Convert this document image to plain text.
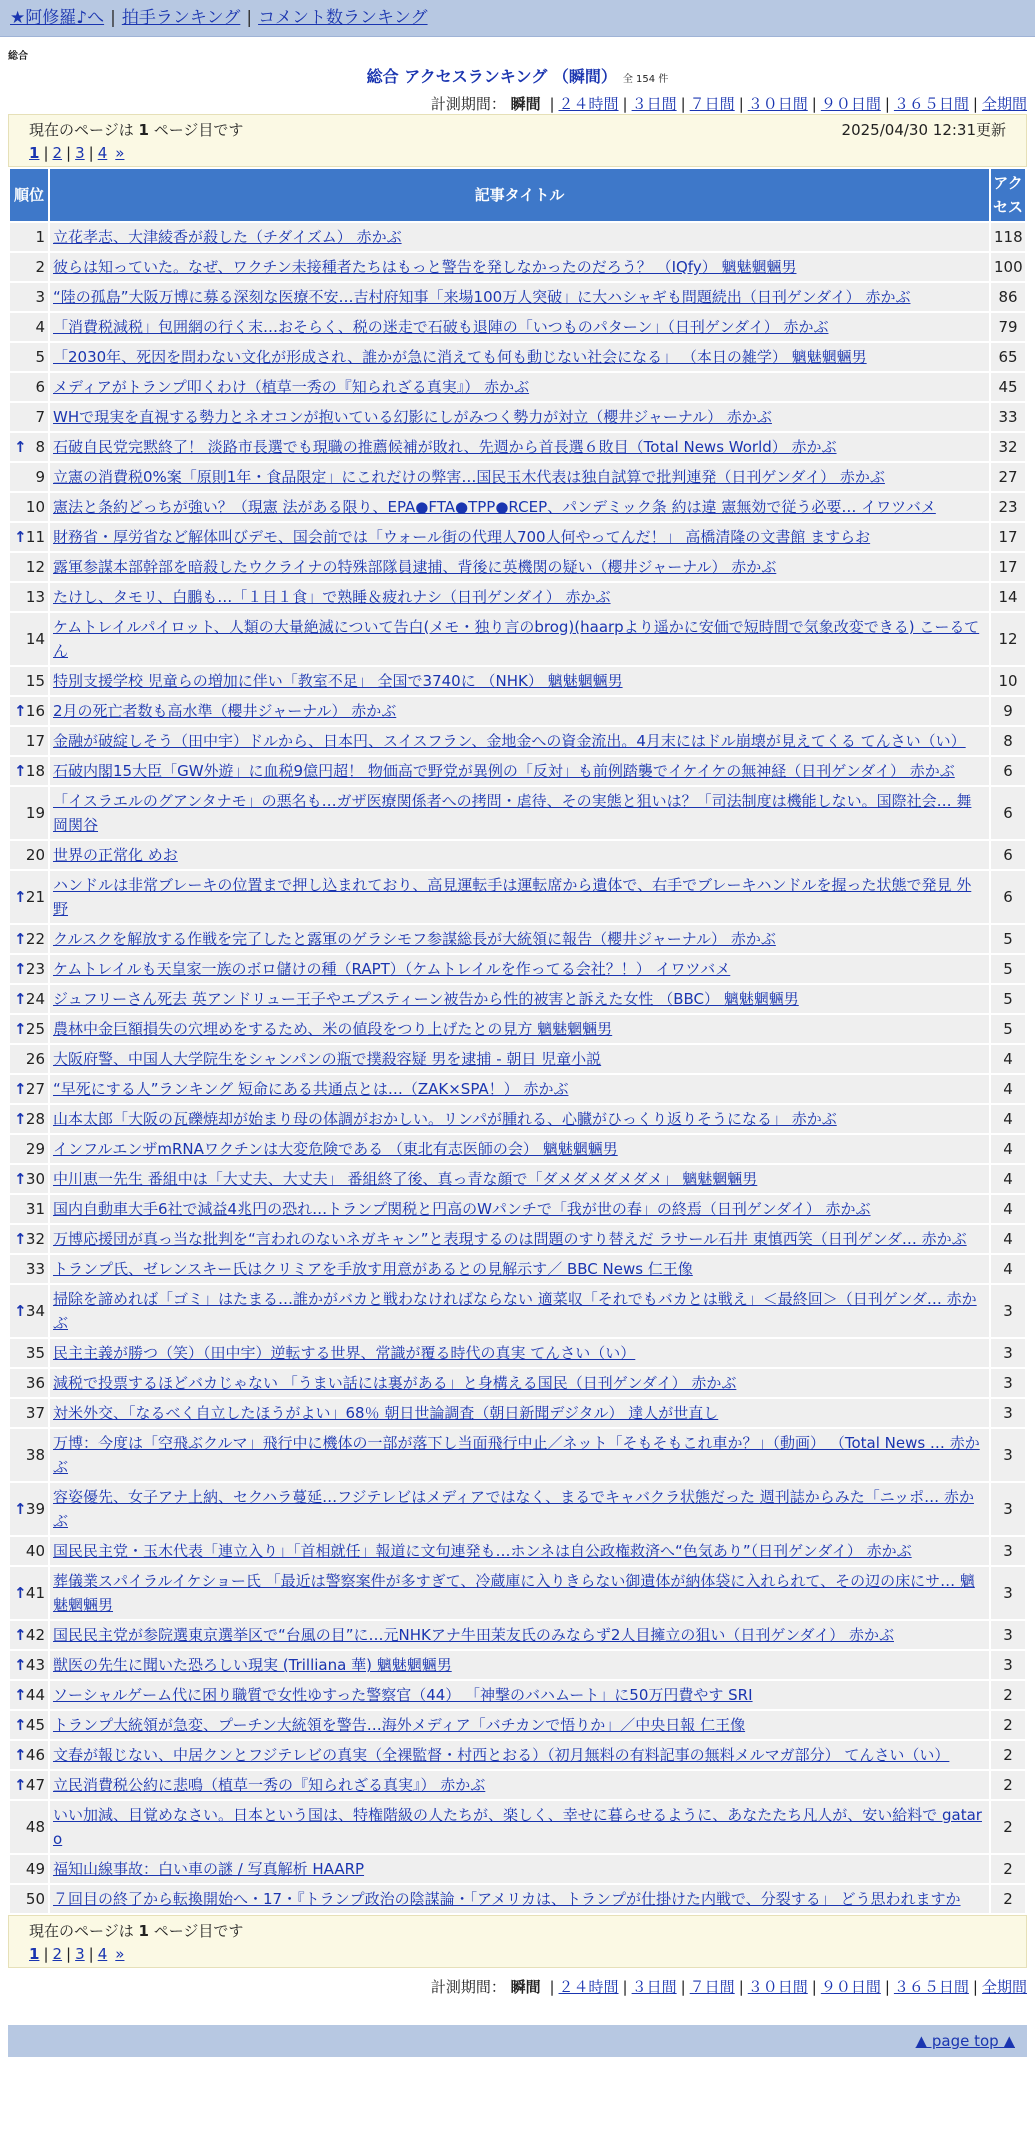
★阿修羅♪へ | 拍手ランキング | コメント数ランキング
総合
総合 アクセスランキング （瞬間） 全 154 件
計測期間： 瞬間 | ２４時間 | ３日間 | ７日間 | ３０日間 | ９０日間 | ３６５日間 | 全期間
現在のページは 1 ページ目です	2025/04/30 12:31更新
1 | 2 | 3 | 4 »
順位	記事タイトル	アクセス
1	立花孝志、大津綾香が殺した（チダイズム） 赤かぶ	118
2	彼らは知っていた。なぜ、ワクチン未接種者たちはもっと警告を発しなかったのだろう？ （IQfy） 魑魅魍魎男	100
3	“陸の孤島”大阪万博に募る深刻な医療不安…吉村府知事「来場100万人突破」に大ハシャギも問題続出（日刊ゲンダイ） 赤かぶ	86
4	「消費税減税」包囲網の行く末…おそらく、税の迷走で石破も退陣の「いつものパターン」（日刊ゲンダイ） 赤かぶ	79
5	「2030年、死因を問わない文化が形成され、誰かが急に消えても何も動じない社会になる」 （本日の雑学） 魑魅魍魎男	65
6	メディアがトランプ叩くわけ（植草一秀の『知られざる真実』） 赤かぶ	45
7	WHで現実を直視する勢力とネオコンが抱いている幻影にしがみつく勢力が対立（櫻井ジャーナル） 赤かぶ	33

↑ 8	石破自民党完黙終了！ 淡路市長選でも現職の推薦候補が敗れ、先週から首長選６敗目（Total News World） 赤かぶ	32
9	立憲の消費税0%案「原則1年・食品限定」にこれだけの弊害…国民玉木代表は独自試算で批判連発（日刊ゲンダイ） 赤かぶ	27
10	憲法と条約どっちが強い？（現憲 法がある限り、EPA●FTA●TPP●RCEP、パンデミック条 約は違 憲無効で従う必要… イワツバメ	23

↑ 11	財務省・厚労省など解体叫びデモ、国会前では「ウォール街の代理人700人何やってんだ！」 高橋清隆の文書館 ますらお	17
12	露軍参謀本部幹部を暗殺したウクライナの特殊部隊員逮捕、背後に英機関の疑い（櫻井ジャーナル） 赤かぶ	17
13	たけし、タモリ、白鵬も…「１日１食」で熟睡＆疲れナシ（日刊ゲンダイ） 赤かぶ	14
14	ケムトレイルパイロット、人類の大量絶滅について告白(メモ・独り言のbrog)(haarpより遥かに安価で短時間で気象改変できる) こーるてん	12
15	特別支援学校 児童らの増加に伴い「教室不足」 全国で3740に （NHK） 魑魅魍魎男	10

↑ 16	2月の死亡者数も高水準（櫻井ジャーナル） 赤かぶ	9
17	金融が破綻しそう（田中宇）ドルから、日本円、スイスフラン、金地金への資金流出。4月末にはドル崩壊が見えてくる てんさい（い）	8

↑ 18	石破内閣15大臣「GW外遊」に血税9億円超！ 物価高で野党が異例の「反対」も前例踏襲でイケイケの無神経（日刊ゲンダイ） 赤かぶ	6
19	「イスラエルのグアンタナモ」の悪名も…ガザ医療関係者への拷問・虐待、その実態と狙いは？「司法制度は機能しない。国際社会… 舞岡関谷	6
20	世界の正常化 めお	6

↑ 21	ハンドルは非常ブレーキの位置まで押し込まれており、高見運転手は運転席から遺体で、右手でブレーキハンドルを握った状態で発見 外野	6

↑ 22	クルスクを解放する作戦を完了したと露軍のゲラシモフ参謀総長が大統領に報告（櫻井ジャーナル） 赤かぶ	5

↑ 23	ケムトレイルも天皇家一族のボロ儲けの種（RAPT）（ケムトレイルを作ってる会社？！） イワツバメ	5

↑ 24	ジュフリーさん死去 英アンドリュー王子やエプスティーン被告から性的被害と訴えた女性 （BBC） 魑魅魍魎男	5

↑ 25	農林中金巨額損失の穴埋めをするため、米の値段をつり上げたとの見方 魑魅魍魎男	5
26	大阪府警、中国人大学院生をシャンパンの瓶で撲殺容疑 男を逮捕 - 朝日 児童小説	4

↑ 27	“早死にする人”ランキング 短命にある共通点とは…（ZAK×SPA！） 赤かぶ	4

↑ 28	山本太郎「大阪の瓦礫焼却が始まり母の体調がおかしい。リンパが腫れる、心臓がひっくり返りそうになる」 赤かぶ	4
29	インフルエンザmRNAワクチンは大変危険である （東北有志医師の会） 魑魅魍魎男	4

↑ 30	中川恵一先生 番組中は「大丈夫、大丈夫」 番組終了後、真っ青な顔で「ダメダメダメダメ」 魑魅魍魎男	4
31	国内自動車大手6社で減益4兆円の恐れ…トランプ関税と円高のWパンチで「我が世の春」の終焉（日刊ゲンダイ） 赤かぶ	4

↑ 32	万博応援団が真っ当な批判を“言われのないネガキャン”と表現するのは問題のすり替えだ ラサール石井 東慎西笑（日刊ゲンダ… 赤かぶ	4
33	トランプ氏、ゼレンスキー氏はクリミアを手放す用意があるとの見解示す／ BBC News 仁王像	4

↑ 34	掃除を諦めれば「ゴミ」はたまる…誰かがバカと戦わなければならない 適菜収「それでもバカとは戦え」＜最終回＞（日刊ゲンダ… 赤かぶ	3
35	民主主義が勝つ（笑）（田中宇）逆転する世界、常識が覆る時代の真実 てんさい（い）	3
36	減税で投票するほどバカじゃない 「うまい話には裏がある」と身構える国民（日刊ゲンダイ） 赤かぶ	3
37	対米外交、「なるべく自立したほうがよい」68％ 朝日世論調査（朝日新聞デジタル） 達人が世直し	3
38	万博：今度は「空飛ぶクルマ」飛行中に機体の一部が落下し当面飛行中止／ネット「そもそもこれ車か？」（動画） （Total News … 赤かぶ	3

↑ 39	容姿優先、女子アナ上納、セクハラ蔓延…フジテレビはメディアではなく、まるでキャバクラ状態だった 週刊誌からみた「ニッポ… 赤かぶ	3
40	国民民主党・玉木代表「連立入り」「首相就任」報道に文句連発も…ホンネは自公政権救済へ“色気あり”（日刊ゲンダイ） 赤かぶ	3

↑ 41	葬儀業スパイラルイケショー氏 「最近は警察案件が多すぎて、冷蔵庫に入りきらない御遺体が納体袋に入れられて、その辺の床にサ… 魑魅魍魎男	3

↑ 42	国民民主党が参院選東京選挙区で“台風の目”に…元NHKアナ牛田茉友氏のみならず2人目擁立の狙い（日刊ゲンダイ） 赤かぶ	3

↑ 43	獣医の先生に聞いた恐ろしい現実 (Trilliana 華) 魑魅魍魎男	3

↑ 44	ソーシャルゲーム代に困り職質で女性ゆすった警察官（44） 「神撃のバハムート」に50万円費やす SRI	2

↑ 45	トランプ大統領が急変、プーチン大統領を警告…海外メディア「バチカンで悟りか」／中央日報 仁王像	2

↑ 46	文春が報じない、中居クンとフジテレビの真実（全裸監督・村西とおる）（初月無料の有料記事の無料メルマガ部分） てんさい（い）	2

↑ 47	立民消費税公約に悲鳴（植草一秀の『知られざる真実』） 赤かぶ	2
48	いい加減、目覚めなさい。日本という国は、特権階級の人たちが、楽しく、幸せに暮らせるように、あなたたち凡人が、安い給料で gataro	2
49	福知山線事故：白い車の謎 / 写真解析 HAARP	2
50	７回目の終了から転換開始へ・17・『トランプ政治の陰謀論・「アメリカは、トランプが仕掛けた内戦で、分裂する」 どう思われますか	2
現在のページは 1 ページ目です
1 | 2 | 3 | 4 »
計測期間： 瞬間 | ２４時間 | ３日間 | ７日間 | ３０日間 | ９０日間 | ３６５日間 | 全期間
▲ page top ▲
